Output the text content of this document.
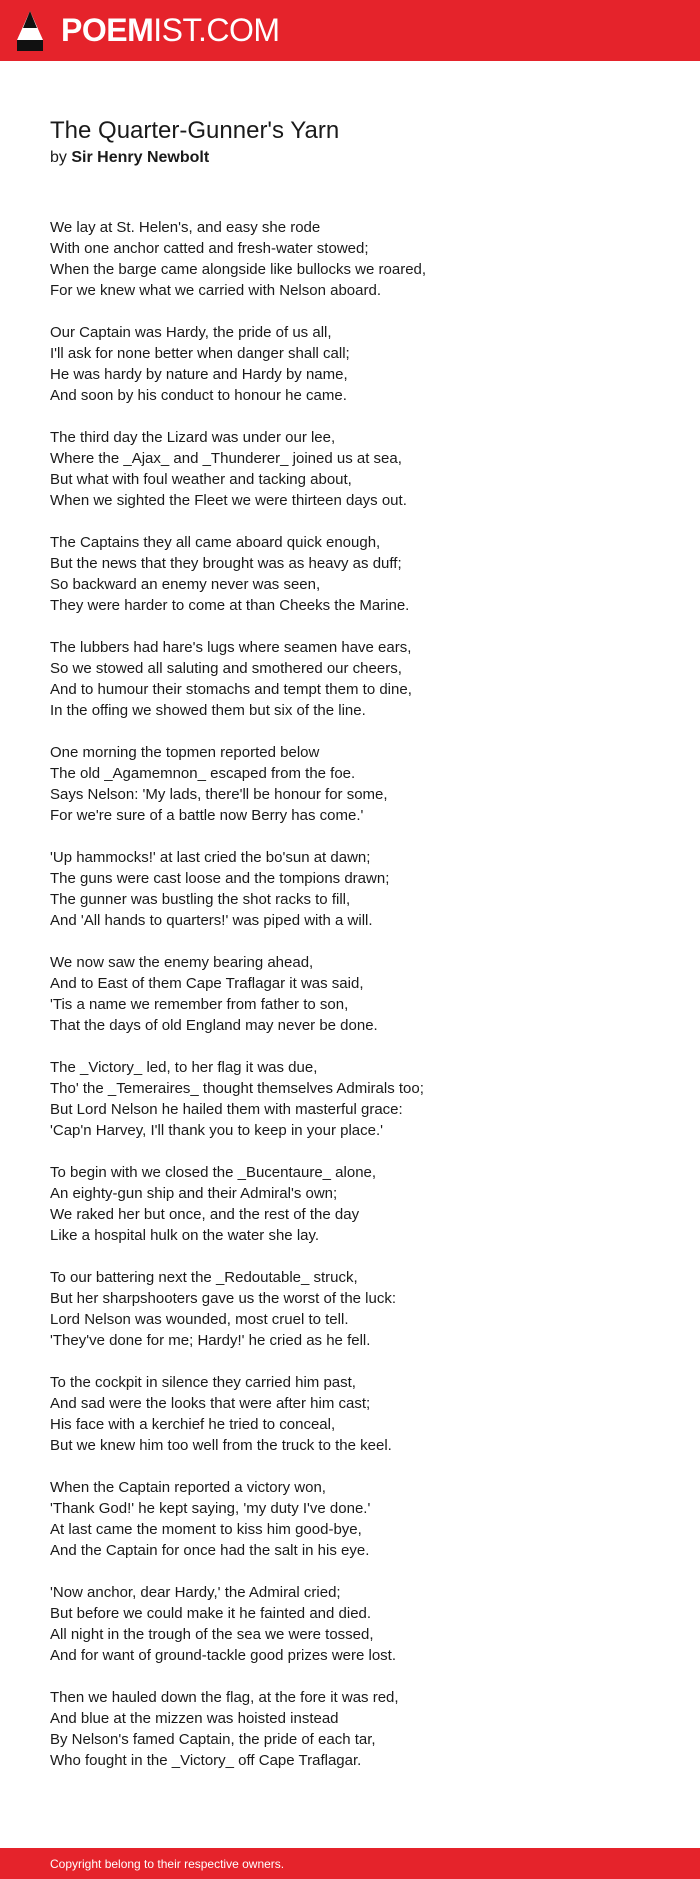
POEMIST.COM
The Quarter-Gunner's Yarn
by Sir Henry Newbolt
We lay at St. Helen's, and easy she rode
With one anchor catted and fresh-water stowed;
When the barge came alongside like bullocks we roared,
For we knew what we carried with Nelson aboard.
Our Captain was Hardy, the pride of us all,
I'll ask for none better when danger shall call;
He was hardy by nature and Hardy by name,
And soon by his conduct to honour he came.
The third day the Lizard was under our lee,
Where the _Ajax_ and _Thunderer_ joined us at sea,
But what with foul weather and tacking about,
When we sighted the Fleet we were thirteen days out.
The Captains they all came aboard quick enough,
But the news that they brought was as heavy as duff;
So backward an enemy never was seen,
They were harder to come at than Cheeks the Marine.
The lubbers had hare's lugs where seamen have ears,
So we stowed all saluting and smothered our cheers,
And to humour their stomachs and tempt them to dine,
In the offing we showed them but six of the line.
One morning the topmen reported below
The old _Agamemnon_ escaped from the foe.
Says Nelson: 'My lads, there'll be honour for some,
For we're sure of a battle now Berry has come.'
'Up hammocks!' at last cried the bo'sun at dawn;
The guns were cast loose and the tompions drawn;
The gunner was bustling the shot racks to fill,
And 'All hands to quarters!' was piped with a will.
We now saw the enemy bearing ahead,
And to East of them Cape Traflagar it was said,
'Tis a name we remember from father to son,
That the days of old England may never be done.
The _Victory_ led, to her flag it was due,
Tho' the _Temeraires_ thought themselves Admirals too;
But Lord Nelson he hailed them with masterful grace:
'Cap'n Harvey, I'll thank you to keep in your place.'
To begin with we closed the _Bucentaure_ alone,
An eighty-gun ship and their Admiral's own;
We raked her but once, and the rest of the day
Like a hospital hulk on the water she lay.
To our battering next the _Redoutable_ struck,
But her sharpshooters gave us the worst of the luck:
Lord Nelson was wounded, most cruel to tell.
'They've done for me; Hardy!' he cried as he fell.
To the cockpit in silence they carried him past,
And sad were the looks that were after him cast;
His face with a kerchief he tried to conceal,
But we knew him too well from the truck to the keel.
When the Captain reported a victory won,
'Thank God!' he kept saying, 'my duty I've done.'
At last came the moment to kiss him good-bye,
And the Captain for once had the salt in his eye.
'Now anchor, dear Hardy,' the Admiral cried;
But before we could make it he fainted and died.
All night in the trough of the sea we were tossed,
And for want of ground-tackle good prizes were lost.
Then we hauled down the flag, at the fore it was red,
And blue at the mizzen was hoisted instead
By Nelson's famed Captain, the pride of each tar,
Who fought in the _Victory_ off Cape Traflagar.
Copyright belong to their respective owners.
